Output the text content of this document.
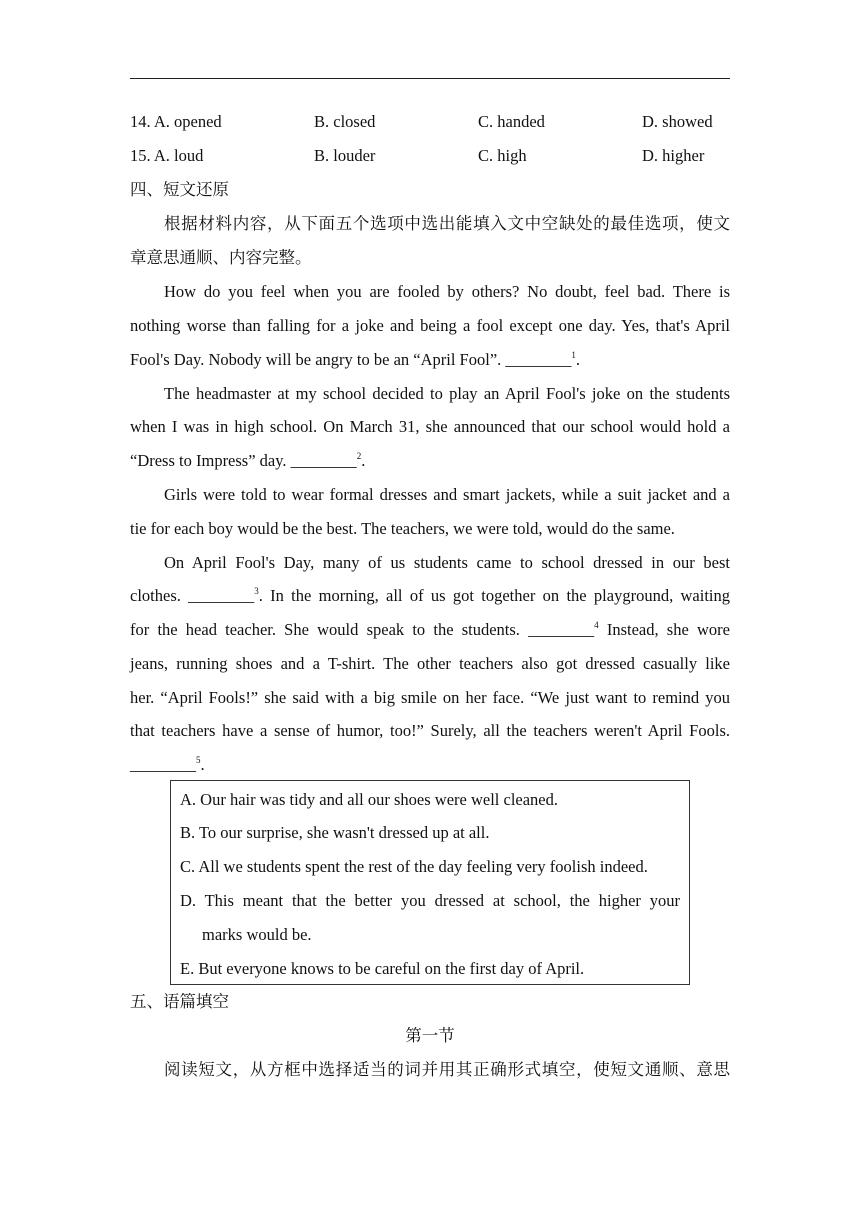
14. A. opened	B. closed	C. handed	D. showed
15. A. loud	B. louder	C. high	D. higher
四、短文还原
根据材料内容，从下面五个选项中选出能填入文中空缺处的最佳选项，使文
章意思通顺、内容完整。
How do you feel when you are fooled by others? No doubt, feel bad. There is
nothing worse than falling for a joke and being a fool except one day. Yes, that's April
Fool's Day. Nobody will be angry to be an “April Fool”. ________$^1$.
The headmaster at my school decided to play an April Fool's joke on the students
when I was in high school. On March 31, she announced that our school would hold a
“Dress to Impress” day. ________$^2$.
Girls were told to wear formal dresses and smart jackets, while a suit jacket and a
tie for each boy would be the best. The teachers, we were told, would do the same.
On April Fool's Day, many of us students came to school dressed in our best
clothes. ________$^3$. In the morning, all of us got together on the playground, waiting
for the head teacher. She would speak to the students. ________$^4$ Instead, she wore
jeans, running shoes and a T-shirt. The other teachers also got dressed casually like
her. “April Fools!” she said with a big smile on her face. “We just want to remind you
that teachers have a sense of humor, too!” Surely, all the teachers weren't April Fools.
________$^5$.
A. Our hair was tidy and all our shoes were well cleaned.
B. To our surprise, she wasn't dressed up at all.
C. All we students spent the rest of the day feeling very foolish indeed.
D. This meant that the better you dressed at school, the higher your
marks would be.
E. But everyone knows to be careful on the first day of April.
五、语篇填空
第一节
阅读短文，从方框中选择适当的词并用其正确形式填空，使短文通顺、意思
